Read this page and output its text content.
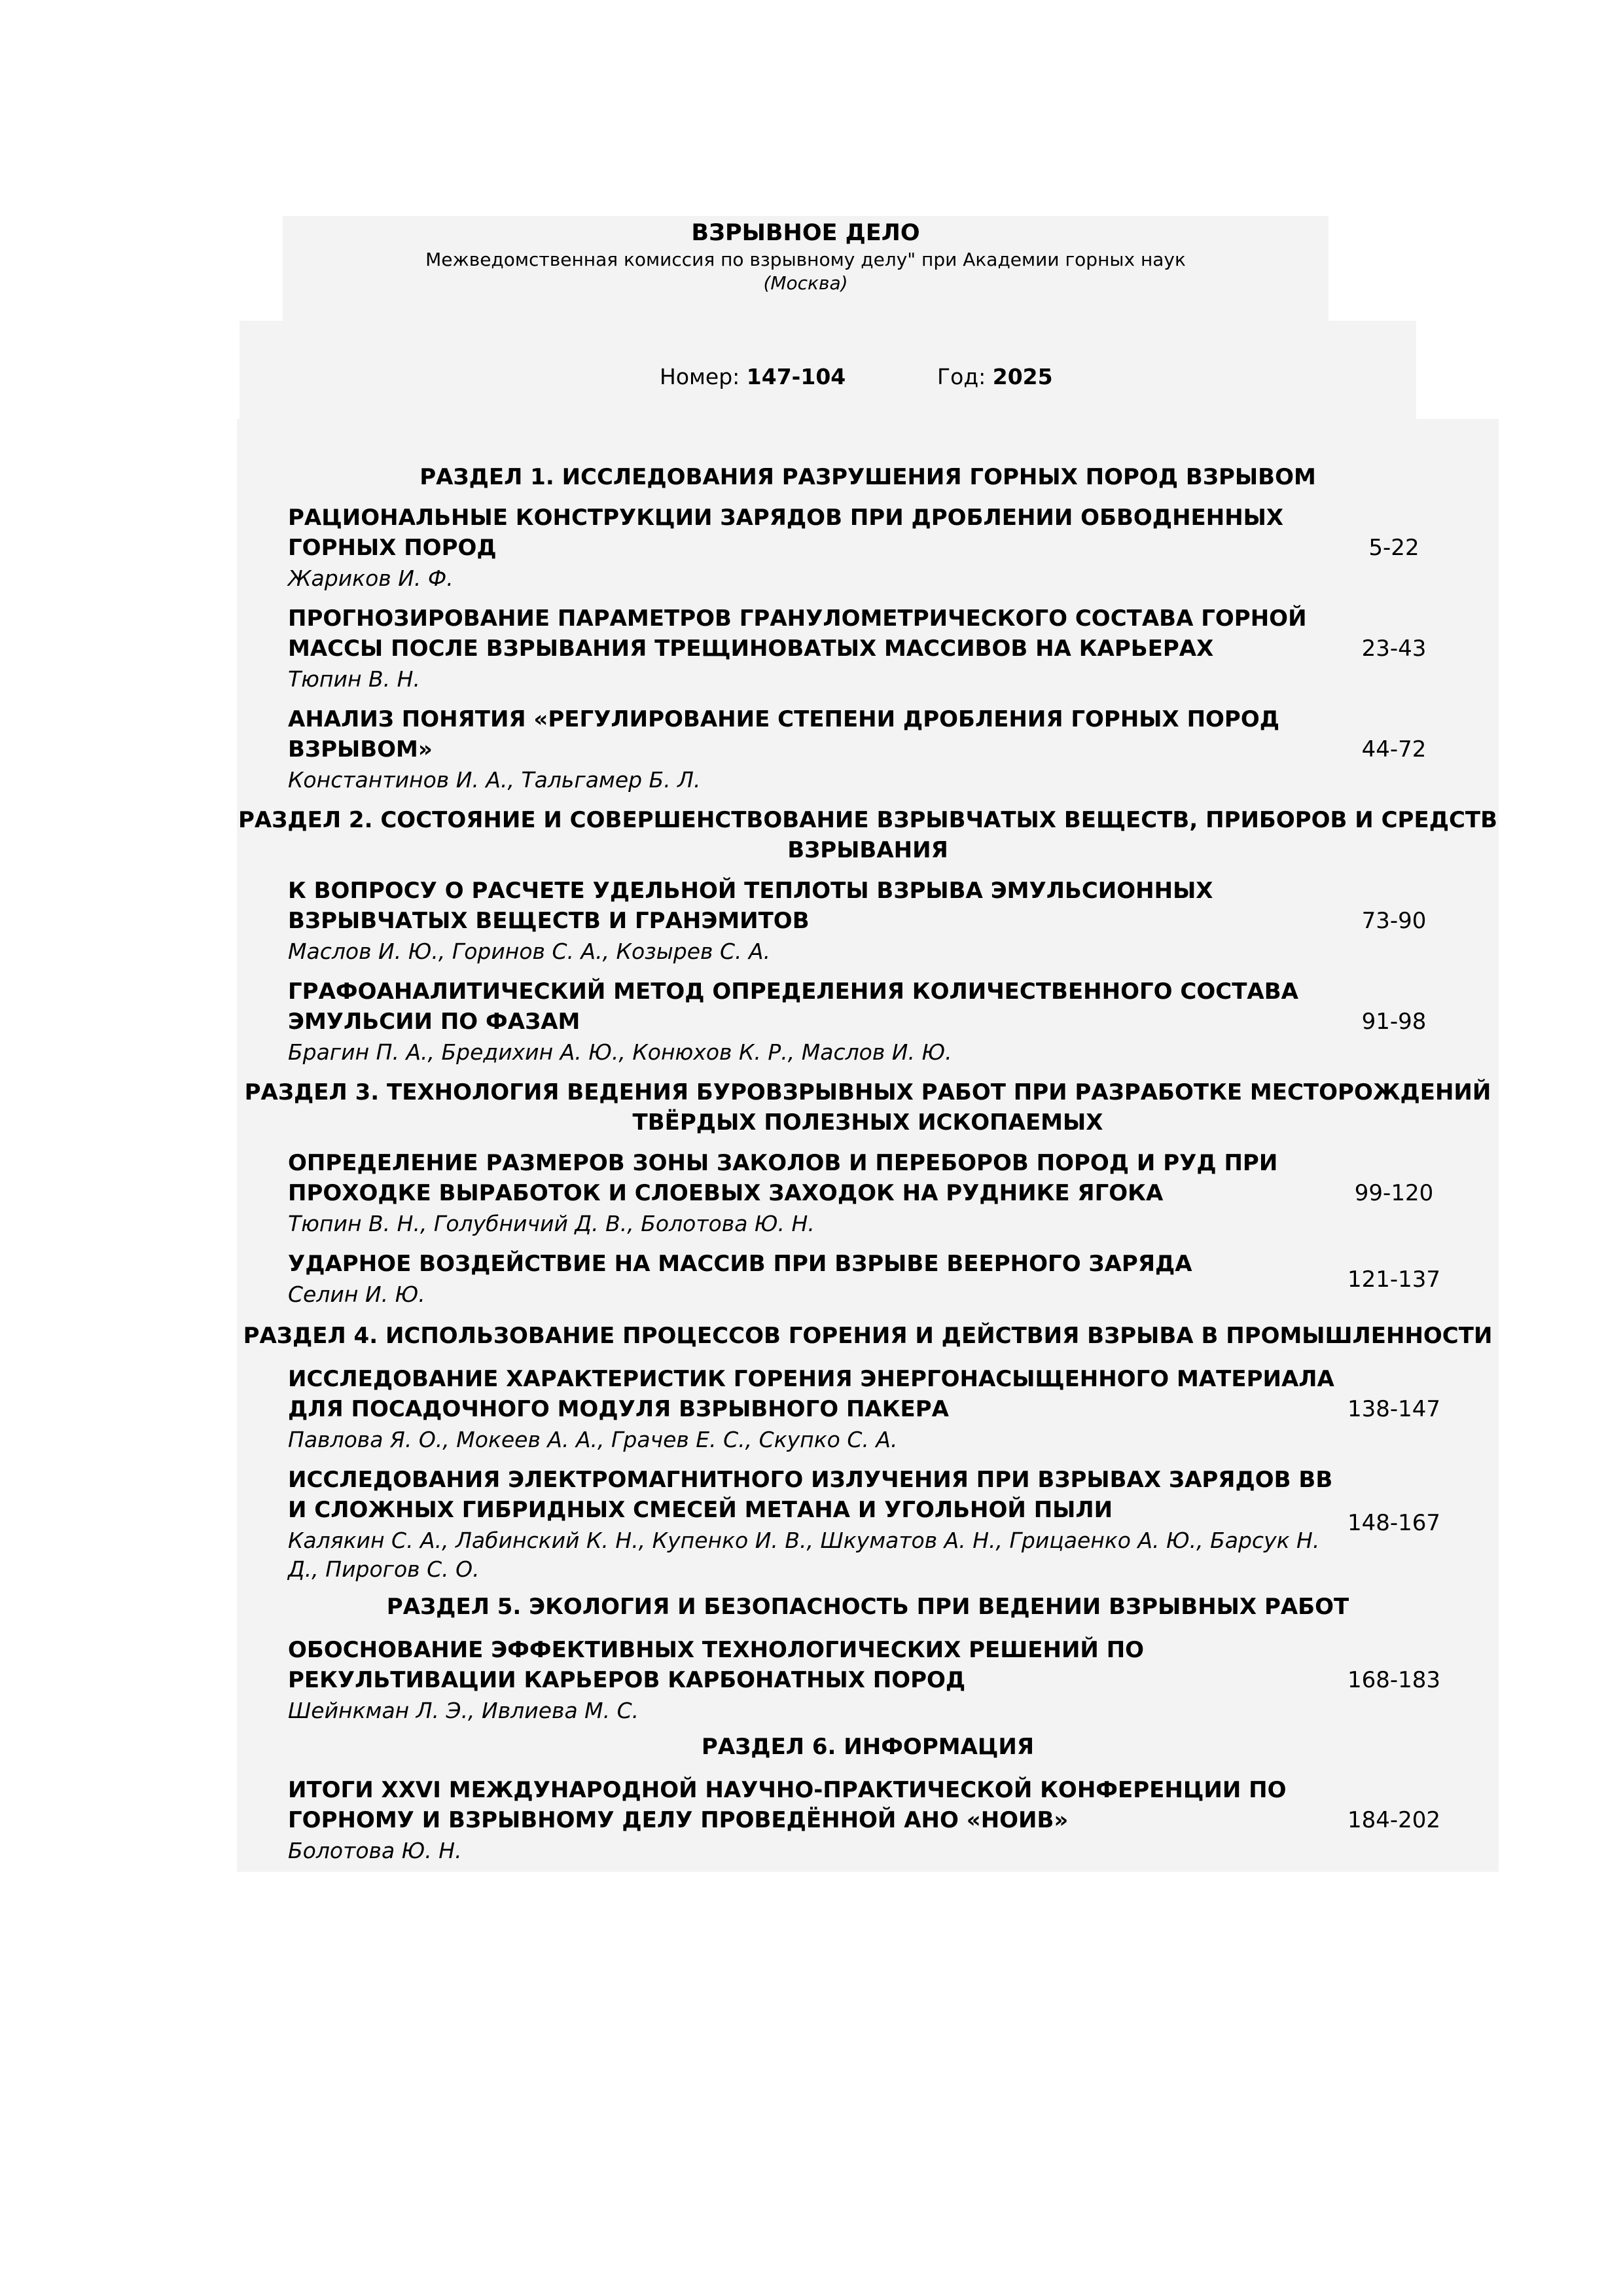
ВЗРЫВНОЕ ДЕЛО
Межведомственная комиссия по взрывному делу" при Академии горных наук
(Москва)
Номер: 147-104	Год: 2025
РАЗДЕЛ 1. ИССЛЕДОВАНИЯ РАЗРУШЕНИЯ ГОРНЫХ ПОРОД ВЗРЫВОМ
РАЦИОНАЛЬНЫЕ КОНСТРУКЦИИ ЗАРЯДОВ ПРИ ДРОБЛЕНИИ ОБВОДНЕННЫХ ГОРНЫХ ПОРОД
Жариков И. Ф.
5-22
ПРОГНОЗИРОВАНИЕ ПАРАМЕТРОВ ГРАНУЛОМЕТРИЧЕСКОГО СОСТАВА ГОРНОЙ МАССЫ ПОСЛЕ ВЗРЫВАНИЯ ТРЕЩИНОВАТЫХ МАССИВОВ НА КАРЬЕРАХ
Тюпин В. Н.
23-43
АНАЛИЗ ПОНЯТИЯ «РЕГУЛИРОВАНИЕ СТЕПЕНИ ДРОБЛЕНИЯ ГОРНЫХ ПОРОД ВЗРЫВОМ»
Константинов И. А., Тальгамер Б. Л.
44-72
РАЗДЕЛ 2. СОСТОЯНИЕ И СОВЕРШЕНСТВОВАНИЕ ВЗРЫВЧАТЫХ ВЕЩЕСТВ, ПРИБОРОВ И СРЕДСТВ ВЗРЫВАНИЯ
К ВОПРОСУ О РАСЧЕТЕ УДЕЛЬНОЙ ТЕПЛОТЫ ВЗРЫВА ЭМУЛЬСИОННЫХ ВЗРЫВЧАТЫХ ВЕЩЕСТВ И ГРАНЭМИТОВ
Маслов И. Ю., Горинов С. А., Козырев С. А.
73-90
ГРАФОАНАЛИТИЧЕСКИЙ МЕТОД ОПРЕДЕЛЕНИЯ КОЛИЧЕСТВЕННОГО СОСТАВА ЭМУЛЬСИИ ПО ФАЗАМ
Брагин П. А., Бредихин А. Ю., Конюхов К. Р., Маслов И. Ю.
91-98
РАЗДЕЛ 3. ТЕХНОЛОГИЯ ВЕДЕНИЯ БУРОВЗРЫВНЫХ РАБОТ ПРИ РАЗРАБОТКЕ МЕСТОРОЖДЕНИЙ ТВЁРДЫХ ПОЛЕЗНЫХ ИСКОПАЕМЫХ
ОПРЕДЕЛЕНИЕ РАЗМЕРОВ ЗОНЫ ЗАКОЛОВ И ПЕРЕБОРОВ ПОРОД И РУД ПРИ ПРОХОДКЕ ВЫРАБОТОК И СЛОЕВЫХ ЗАХОДОК НА РУДНИКЕ ЯГОКА
Тюпин В. Н., Голубничий Д. В., Болотова Ю. Н.
99-120
УДАРНОЕ ВОЗДЕЙСТВИЕ НА МАССИВ ПРИ ВЗРЫВЕ ВЕЕРНОГО ЗАРЯДА
Селин И. Ю.
121-137
РАЗДЕЛ 4. ИСПОЛЬЗОВАНИЕ ПРОЦЕССОВ ГОРЕНИЯ И ДЕЙСТВИЯ ВЗРЫВА В ПРОМЫШЛЕННОСТИ
ИССЛЕДОВАНИЕ ХАРАКТЕРИСТИК ГОРЕНИЯ ЭНЕРГОНАСЫЩЕННОГО МАТЕРИАЛА ДЛЯ ПОСАДОЧНОГО МОДУЛЯ ВЗРЫВНОГО ПАКЕРА
Павлова Я. О., Мокеев А. А., Грачев Е. С., Скупко С. А.
138-147
ИССЛЕДОВАНИЯ ЭЛЕКТРОМАГНИТНОГО ИЗЛУЧЕНИЯ ПРИ ВЗРЫВАХ ЗАРЯДОВ ВВ И СЛОЖНЫХ ГИБРИДНЫХ СМЕСЕЙ МЕТАНА И УГОЛЬНОЙ ПЫЛИ
Калякин С. А., Лабинский К. Н., Купенко И. В., Шкуматов А. Н., Грицаенко А. Ю., Барсук Н. Д., Пирогов С. О.
148-167
РАЗДЕЛ 5. ЭКОЛОГИЯ И БЕЗОПАСНОСТЬ ПРИ ВЕДЕНИИ ВЗРЫВНЫХ РАБОТ
ОБОСНОВАНИЕ ЭФФЕКТИВНЫХ ТЕХНОЛОГИЧЕСКИХ РЕШЕНИЙ ПО РЕКУЛЬТИВАЦИИ КАРЬЕРОВ КАРБОНАТНЫХ ПОРОД
Шейнкман Л. Э., Ивлиева М. С.
168-183
РАЗДЕЛ 6. ИНФОРМАЦИЯ
ИТОГИ XXVI МЕЖДУНАРОДНОЙ НАУЧНО-ПРАКТИЧЕСКОЙ КОНФЕРЕНЦИИ ПО ГОРНОМУ И ВЗРЫВНОМУ ДЕЛУ ПРОВЕДЁННОЙ АНО «НОИВ»
Болотова Ю. Н.
184-202
